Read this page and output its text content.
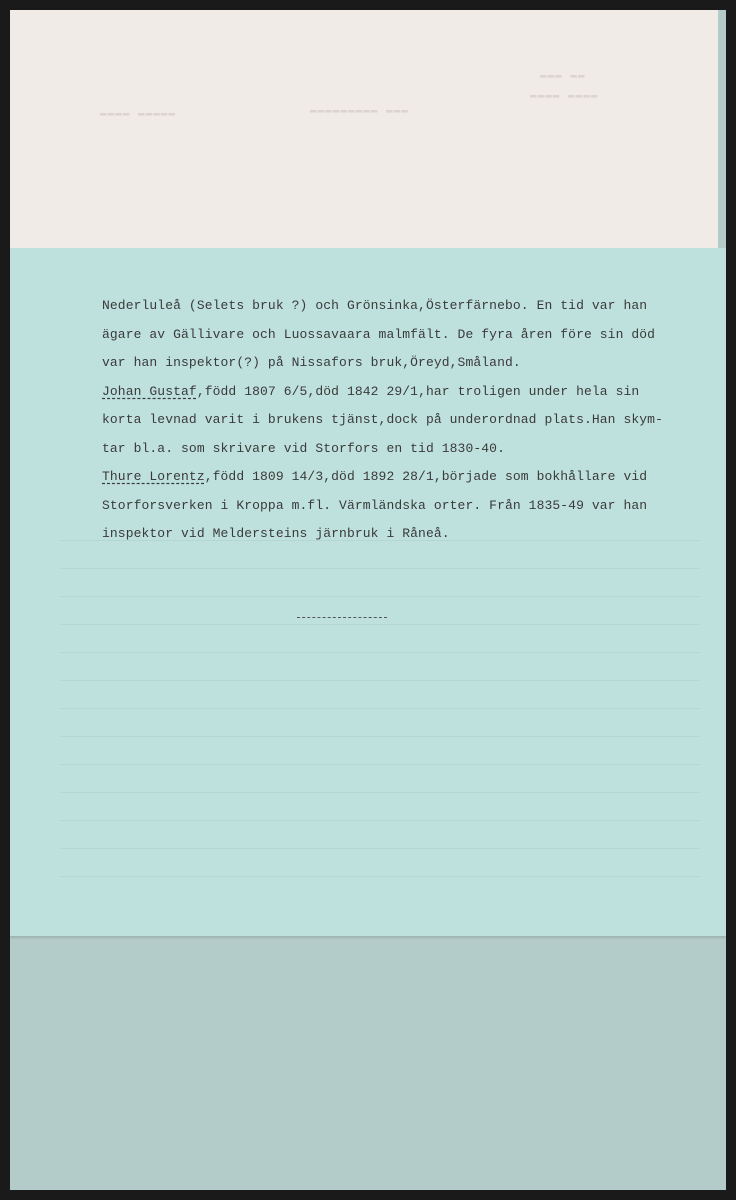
▬▬▬ ▬▬
▬▬▬▬ ▬▬▬▬
▬▬▬▬▬▬▬▬▬ ▬▬▬
▬▬▬▬ ▬▬▬▬▬
Nederluleå (Selets bruk ?) och Grönsinka,Österfärnebo. En tid var han
ägare av Gällivare och Luossavaara malmfält. De fyra åren före sin död
var han inspektor(?) på Nissafors bruk,Öreyd,Småland.
Johan Gustaf,född 1807 6/5,död 1842 29/1,har troligen under hela sin
korta levnad varit i brukens tjänst,dock på underordnad plats.Han skym-
tar bl.a. som skrivare vid Storfors en tid 1830-40.
Thure Lorentz,född 1809 14/3,död 1892 28/1,började som bokhållare vid
Storforsverken i Kroppa m.fl. Värmländska orter. Från 1835-49 var han
inspektor vid Meldersteins järnbruk i Råneå.
